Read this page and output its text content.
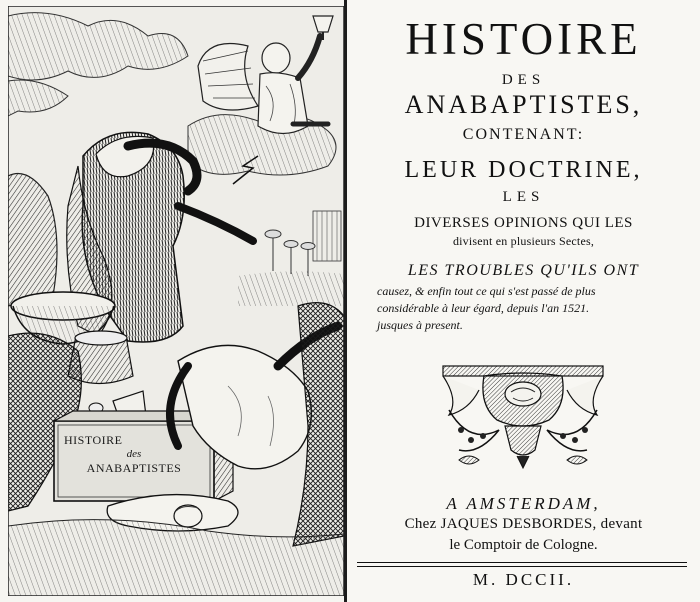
HISTOIRE
des
ANABAPTISTES
HISTOIRE
DES
ANABAPTISTES,
CONTENANT:
LEUR DOCTRINE,
LES
DIVERSES OPINIONS QUI LES
divisent en plusieurs Sectes,
LES TROUBLES QU'ILS ONT
causez, & enfin tout ce qui s'est passé de plus
considérable à leur égard, depuis l'an 1521.
jusques à present.
A AMSTERDAM,
Chez JAQUES DESBORDES, devant
le Comptoir de Cologne.
M. DCCII.
